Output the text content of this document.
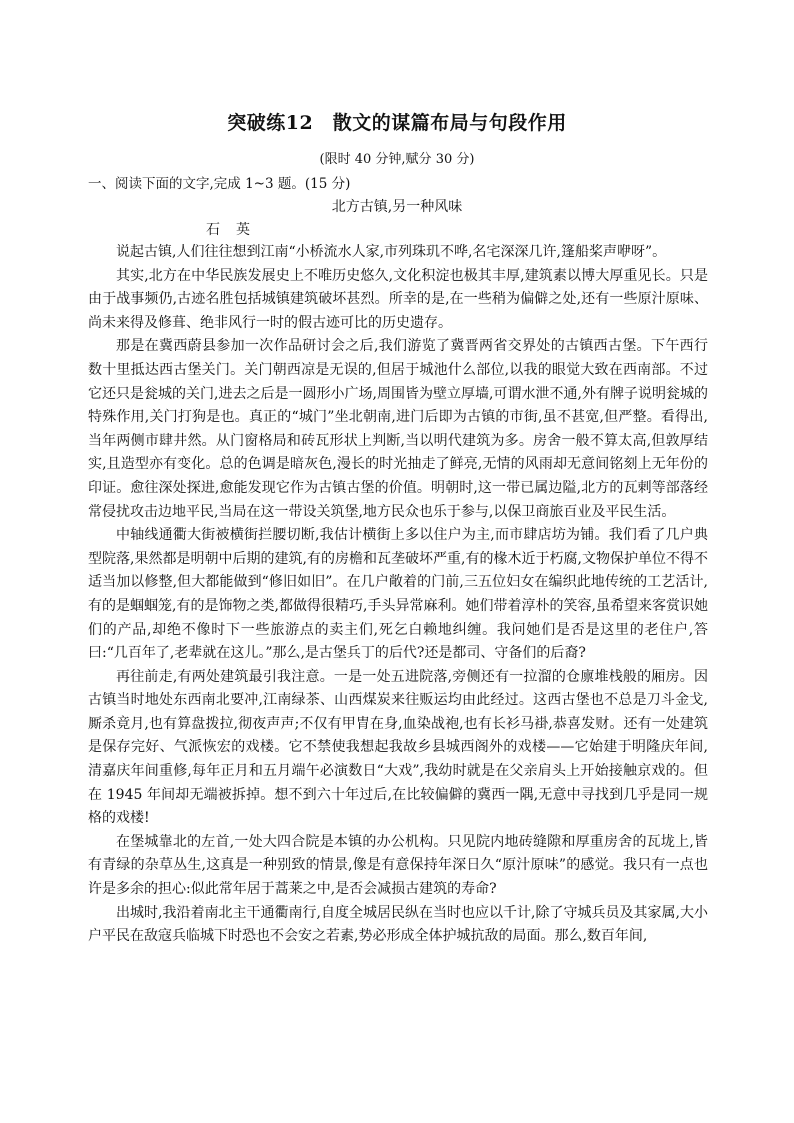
突破练12　散文的谋篇布局与句段作用
(限时 40 分钟,赋分 30 分)
一、阅读下面的文字,完成 1~3 题。(15 分)
北方古镇,另一种风味
石英

说起古镇,人们往往想到江南“小桥流水人家,市列珠玑不哗,名宅深深几许,篷船桨声咿呀”。

其实,北方在中华民族发展史上不唯历史悠久,文化积淀也极其丰厚,建筑素以博大厚重见长。只是由于战事频仍,古迹名胜包括城镇建筑破坏甚烈。所幸的是,在一些稍为偏僻之处,还有一些原汁原味、尚未来得及修葺、绝非风行一时的假古迹可比的历史遗存。

那是在冀西蔚县参加一次作品研讨会之后,我们游览了冀晋两省交界处的古镇西古堡。下午西行数十里抵达西古堡关门。关门朝西凉是无误的,但居于城池什么部位,以我的眼觉大致在西南部。不过它还只是瓮城的关门,进去之后是一圆形小广场,周围皆为壁立厚墙,可谓水泄不通,外有牌子说明瓮城的特殊作用,关门打狗是也。真正的“城门”坐北朝南,进门后即为古镇的市街,虽不甚宽,但严整。看得出,当年两侧市肆井然。从门窗格局和砖瓦形状上判断,当以明代建筑为多。房舍一般不算太高,但敦厚结实,且造型亦有变化。总的色调是暗灰色,漫长的时光抽走了鲜亮,无情的风雨却无意间铭刻上无年份的印证。愈往深处探进,愈能发现它作为古镇古堡的价值。明朝时,这一带已属边隘,北方的瓦剌等部落经常侵扰攻击边地平民,当局在这一带设关筑堡,地方民众也乐于参与,以保卫商旅百业及平民生活。

中轴线通衢大街被横街拦腰切断,我估计横街上多以住户为主,而市肆店坊为铺。我们看了几户典型院落,果然都是明朝中后期的建筑,有的房檐和瓦垄破坏严重,有的椽木近于朽腐,文物保护单位不得不适当加以修整,但大都能做到“修旧如旧”。在几户敞着的门前,三五位妇女在编织此地传统的工艺活计,有的是蝈蝈笼,有的是饰物之类,都做得很精巧,手头异常麻利。她们带着淳朴的笑容,虽希望来客赏识她们的产品,却绝不像时下一些旅游点的卖主们,死乞白赖地纠缠。我问她们是否是这里的老住户,答曰:“几百年了,老辈就在这儿。”那么,是古堡兵丁的后代?还是都司、守备们的后裔?

再往前走,有两处建筑最引我注意。一是一处五进院落,旁侧还有一拉溜的仓廪堆栈般的厢房。因古镇当时地处东西南北要冲,江南绿茶、山西煤炭来往贩运均由此经过。这西古堡也不总是刀斗金戈,厮杀竟月,也有算盘拨拉,彻夜声声;不仅有甲胄在身,血染战袍,也有长衫马褂,恭喜发财。还有一处建筑是保存完好、气派恢宏的戏楼。它不禁使我想起我故乡县城西阁外的戏楼——它始建于明隆庆年间,清嘉庆年间重修,每年正月和五月端午必演数日“大戏”,我幼时就是在父亲肩头上开始接触京戏的。但在 1945 年间却无端被拆掉。想不到六十年过后,在比较偏僻的冀西一隅,无意中寻找到几乎是同一规格的戏楼!

在堡城靠北的左首,一处大四合院是本镇的办公机构。只见院内地砖缝隙和厚重房舍的瓦垅上,皆有青绿的杂草丛生,这真是一种别致的情景,像是有意保持年深日久“原汁原味”的感觉。我只有一点也许是多余的担心:似此常年居于蒿莱之中,是否会减损古建筑的寿命?

出城时,我沿着南北主干通衢南行,自度全城居民纵在当时也应以千计,除了守城兵员及其家属,大小户平民在敌寇兵临城下时恐也不会安之若素,势必形成全体护城抗敌的局面。那么,数百年间,
